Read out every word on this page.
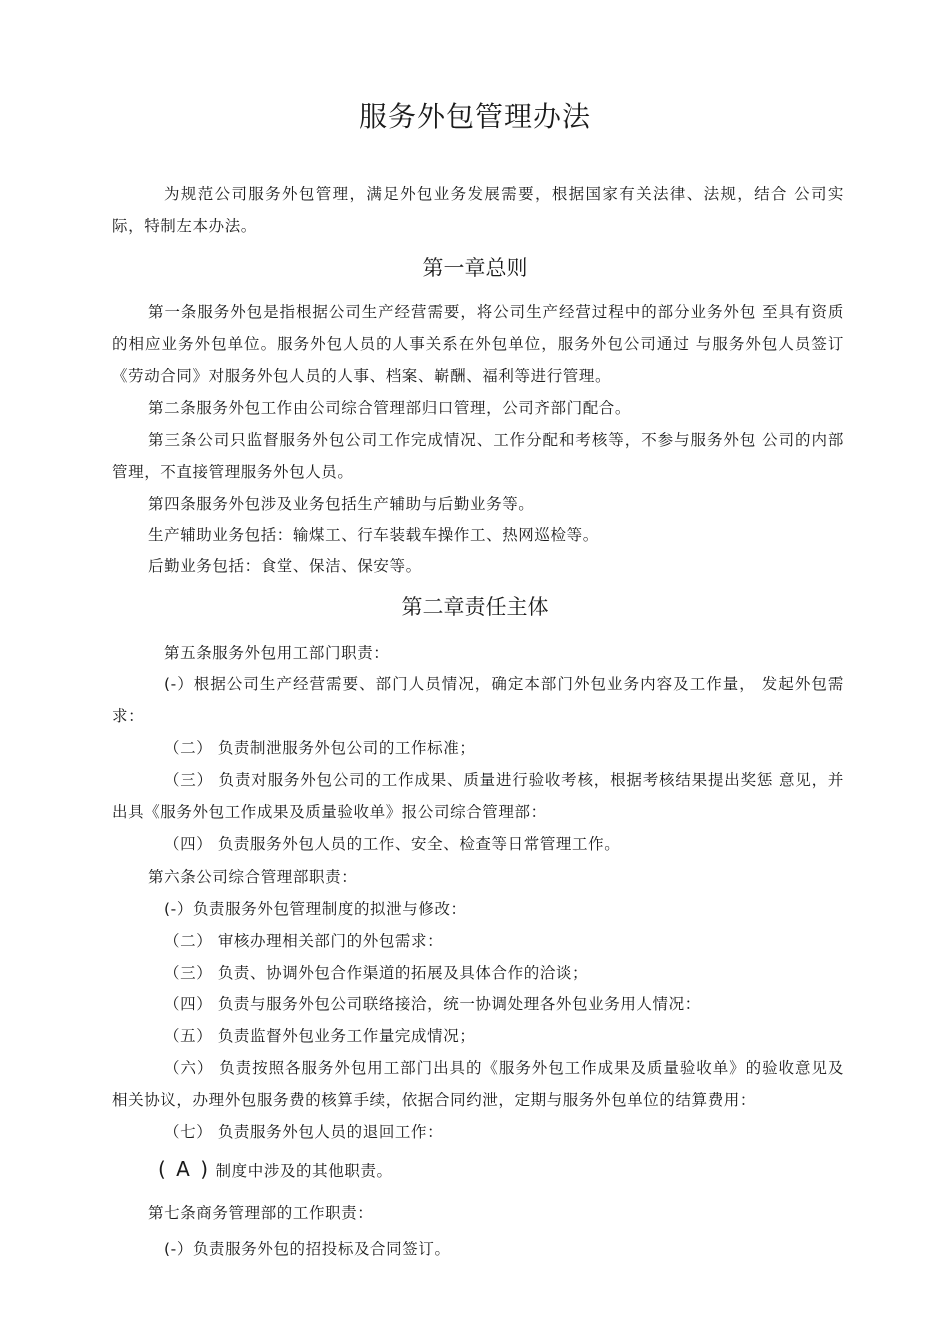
服务外包管理办法

为规范公司服务外包管理，满足外包业务发展需要，根据国家有关法律、法规，结合 公司实际，特制左本办法。

第一章总则

第一条服务外包是指根据公司生产经营需要，将公司生产经营过程中的部分业务外包 至具有资质的相应业务外包单位。服务外包人员的人事关系在外包单位，服务外包公司通过 与服务外包人员签订《劳动合同》对服务外包人员的人事、档案、嶄酬、福利等进行管理。

第二条服务外包工作由公司综合管理部归口管理，公司齐部门配合。

第三条公司只监督服务外包公司工作完成情况、工作分配和考核等，不参与服务外包 公司的内部管理，不直接管理服务外包人员。

第四条服务外包涉及业务包括生产辅助与后勤业务等。

生产辅助业务包括：输煤工、行车装载车操作工、热网巡检等。

后勤业务包括：食堂、保洁、保安等。

第二章责任主体

第五条服务外包用工部门职责：

(-）根据公司生产经营需要、部门人员情况，确定本部门外包业务内容及工作量， 发起外包需求：

（二） 负责制泄服务外包公司的工作标准；

（三） 负责对服务外包公司的工作成果、质量进行验收考核，根据考核结果提出奖惩 意见，并出具《服务外包工作成果及质量验收单》报公司综合管理部：

（四） 负责服务外包人员的工作、安全、检查等日常管理工作。

第六条公司综合管理部职责：

(-）负责服务外包管理制度的拟泄与修改：

（二） 审核办理相关部门的外包需求：

（三） 负责、协调外包合作渠道的拓展及具体合作的洽谈；

（四） 负责与服务外包公司联络接洽，统一协调处理各外包业务用人情况：

（五） 负责监督外包业务工作量完成情况；

（六） 负责按照各服务外包用工部门出具的《服务外包工作成果及质量验收单》的验收意见及相关协议，办理外包服务费的核算手续，依据合同约泄，定期与服务外包单位的结算费用：

（七） 负责服务外包人员的退回工作：

( A ) 制度中涉及的其他职责。

第七条商务管理部的工作职责：

(-）负责服务外包的招投标及合同签订。
